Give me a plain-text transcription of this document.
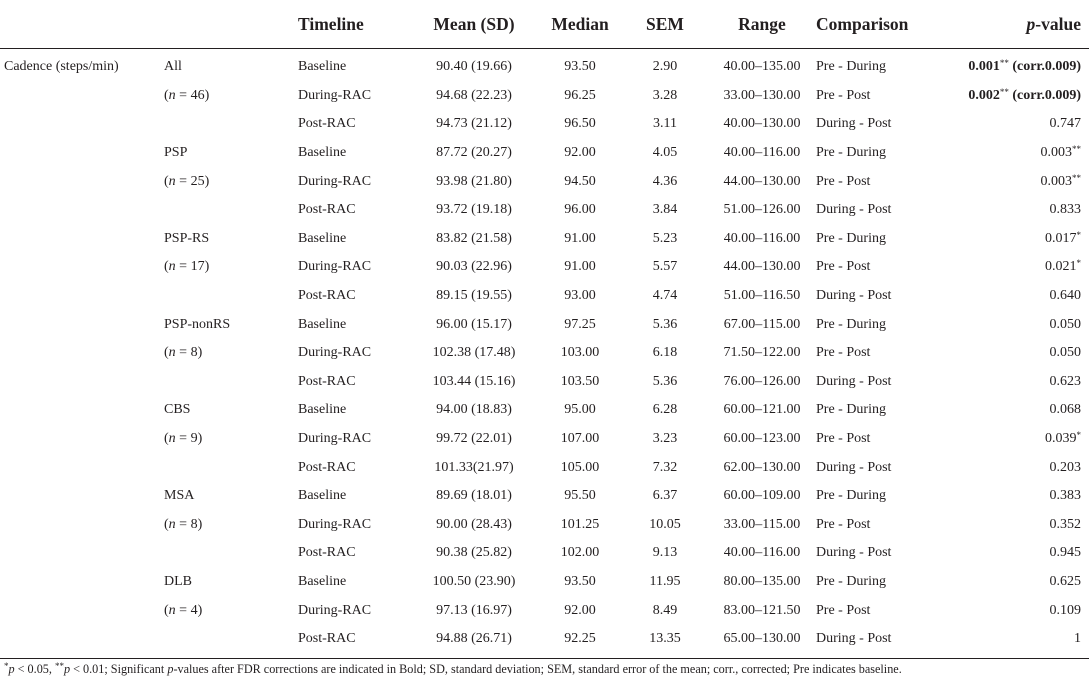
		Timeline	Mean (SD)	Median	SEM	Range	Comparison	p-value
Cadence (steps/min)	All	Baseline	90.40 (19.66)	93.50	2.90	40.00–135.00	Pre - During	0.001** (corr.0.009)
	(n = 46)	During-RAC	94.68 (22.23)	96.25	3.28	33.00–130.00	Pre - Post	0.002** (corr.0.009)
		Post-RAC	94.73 (21.12)	96.50	3.11	40.00–130.00	During - Post	0.747
	PSP	Baseline	87.72 (20.27)	92.00	4.05	40.00–116.00	Pre - During	0.003**
	(n = 25)	During-RAC	93.98 (21.80)	94.50	4.36	44.00–130.00	Pre - Post	0.003**
		Post-RAC	93.72 (19.18)	96.00	3.84	51.00–126.00	During - Post	0.833
	PSP-RS	Baseline	83.82 (21.58)	91.00	5.23	40.00–116.00	Pre - During	0.017*
	(n = 17)	During-RAC	90.03 (22.96)	91.00	5.57	44.00–130.00	Pre - Post	0.021*
		Post-RAC	89.15 (19.55)	93.00	4.74	51.00–116.50	During - Post	0.640
	PSP-nonRS	Baseline	96.00 (15.17)	97.25	5.36	67.00–115.00	Pre - During	0.050
	(n = 8)	During-RAC	102.38 (17.48)	103.00	6.18	71.50–122.00	Pre - Post	0.050
		Post-RAC	103.44 (15.16)	103.50	5.36	76.00–126.00	During - Post	0.623
	CBS	Baseline	94.00 (18.83)	95.00	6.28	60.00–121.00	Pre - During	0.068
	(n = 9)	During-RAC	99.72 (22.01)	107.00	3.23	60.00–123.00	Pre - Post	0.039*
		Post-RAC	101.33(21.97)	105.00	7.32	62.00–130.00	During - Post	0.203
	MSA	Baseline	89.69 (18.01)	95.50	6.37	60.00–109.00	Pre - During	0.383
	(n = 8)	During-RAC	90.00 (28.43)	101.25	10.05	33.00–115.00	Pre - Post	0.352
		Post-RAC	90.38 (25.82)	102.00	9.13	40.00–116.00	During - Post	0.945
	DLB	Baseline	100.50 (23.90)	93.50	11.95	80.00–135.00	Pre - During	0.625
	(n = 4)	During-RAC	97.13 (16.97)	92.00	8.49	83.00–121.50	Pre - Post	0.109
		Post-RAC	94.88 (26.71)	92.25	13.35	65.00–130.00	During - Post	1
*p < 0.05, **p < 0.01; Significant p-values after FDR corrections are indicated in Bold; SD, standard deviation; SEM, standard error of the mean; corr., corrected; Pre indicates baseline.
